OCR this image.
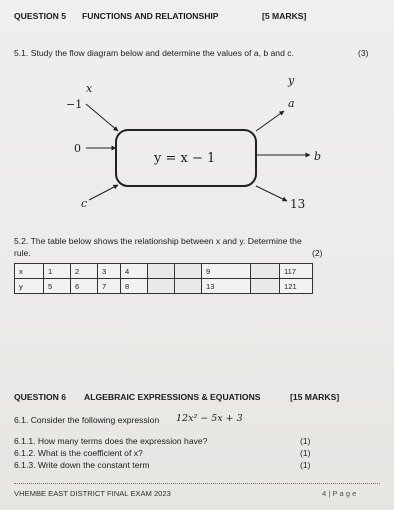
QUESTION 5 FUNCTIONS AND RELATIONSHIP	[5 MARKS]
5.1. Study the flow diagram below and determine the values of a, b and c.	(3)
x
y
−1
0
c
a
b
13
y = x − 1
5.2. The table below shows the relationship between x and y. Determine the
rule.	(2)
x	1	2	3	4			9		117
y	5	6	7	8			13		121
QUESTION 6 ALGEBRAIC EXPRESSIONS & EQUATIONS	[15 MARKS]
6.1. Consider the following expression 12x² − 5x + 3
6.1.1. How many terms does the expression have?	(1)
6.1.2. What is the coefficient of x?	(1)
6.1.3. Write down the constant term	(1)
VHEMBE EAST DISTRICT FINAL EXAM 2023	4 | P a g e
